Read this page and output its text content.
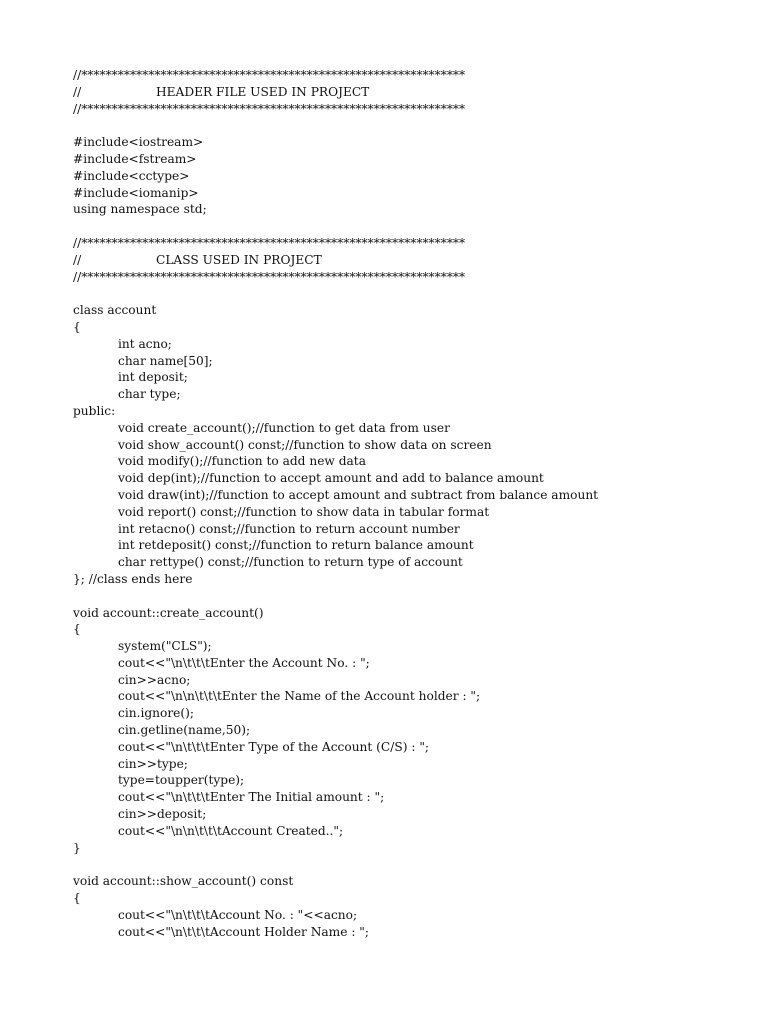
//***************************************************************
//	HEADER FILE USED IN PROJECT
//***************************************************************
#include<iostream>
#include<fstream>
#include<cctype>
#include<iomanip>
using namespace std;
//***************************************************************
//	CLASS USED IN PROJECT
//***************************************************************
class account
{
int acno;
char name[50];
int deposit;
char type;
public:
void create_account();//function to get data from user
void show_account() const;//function to show data on screen
void modify();//function to add new data
void dep(int);//function to accept amount and add to balance amount
void draw(int);//function to accept amount and subtract from balance amount
void report() const;//function to show data in tabular format
int retacno() const;//function to return account number
int retdeposit() const;//function to return balance amount
char rettype() const;//function to return type of account
}; //class ends here
void account::create_account()
{
system("CLS");
cout<<"\n\t\t\tEnter the Account No. : ";
cin>>acno;
cout<<"\n\n\t\t\tEnter the Name of the Account holder : ";
cin.ignore();
cin.getline(name,50);
cout<<"\n\t\t\tEnter Type of the Account (C/S) : ";
cin>>type;
type=toupper(type);
cout<<"\n\t\t\tEnter The Initial amount : ";
cin>>deposit;
cout<<"\n\n\t\t\tAccount Created..";
}
void account::show_account() const
{
cout<<"\n\t\t\tAccount No. : "<<acno;
cout<<"\n\t\t\tAccount Holder Name : ";
